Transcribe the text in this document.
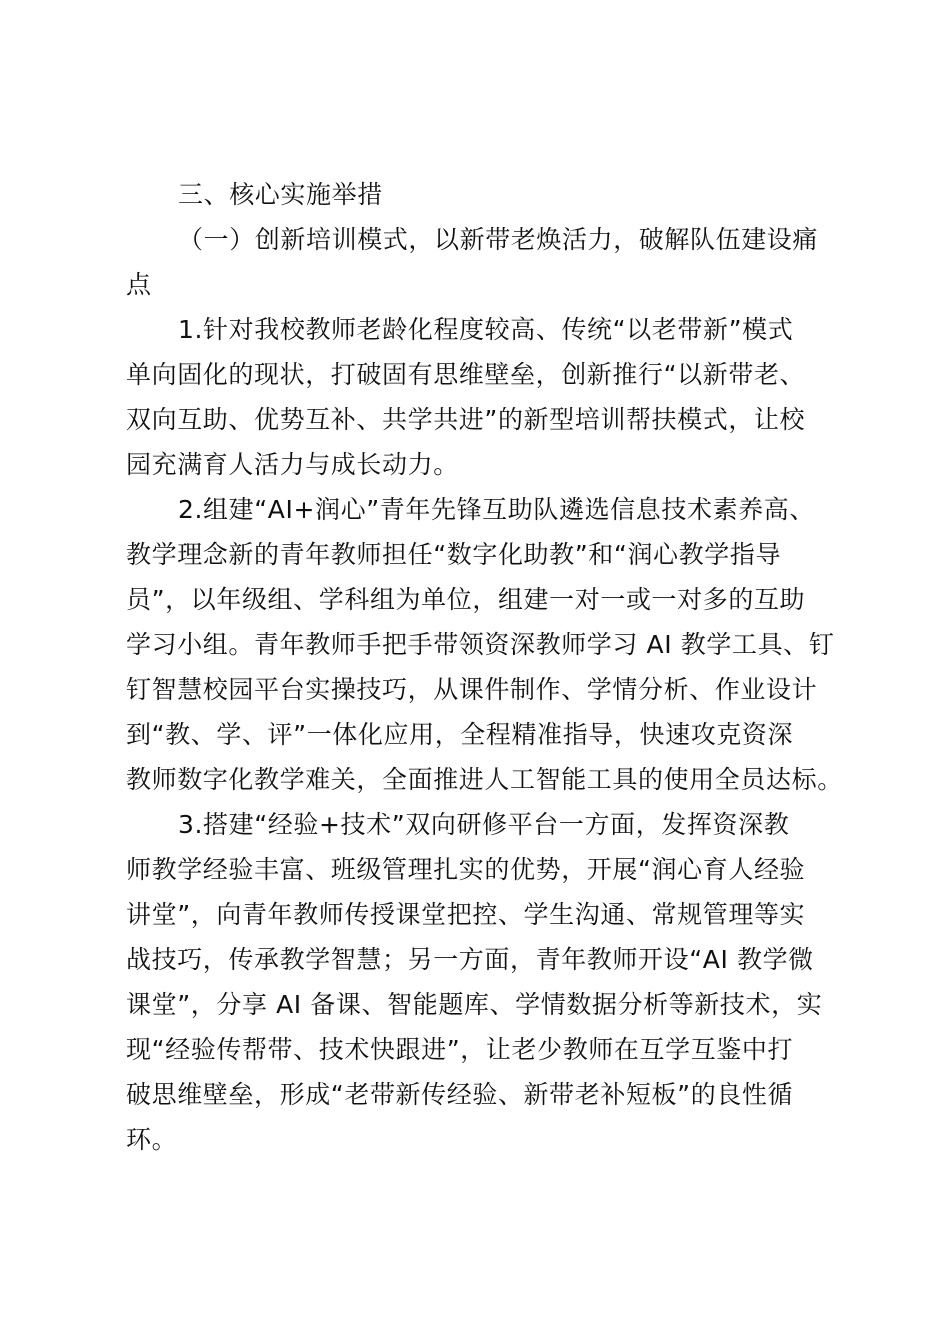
三、核心实施举措
（一）创新培训模式，以新带老焕活力，破解队伍建设痛
点
1.针对我校教师老龄化程度较高、传统“以老带新”模式
单向固化的现状，打破固有思维壁垒，创新推行“以新带老、
双向互助、优势互补、共学共进”的新型培训帮扶模式，让校
园充满育人活力与成长动力。
2.组建“AI+润心”青年先锋互助队遴选信息技术素养高、
教学理念新的青年教师担任“数字化助教”和“润心教学指导
员”，以年级组、学科组为单位，组建一对一或一对多的互助
学习小组。青年教师手把手带领资深教师学习 AI 教学工具、钉
钉智慧校园平台实操技巧，从课件制作、学情分析、作业设计
到“教、学、评”一体化应用，全程精准指导，快速攻克资深
教师数字化教学难关，全面推进人工智能工具的使用全员达标。
3.搭建“经验+技术”双向研修平台一方面，发挥资深教
师教学经验丰富、班级管理扎实的优势，开展“润心育人经验
讲堂”，向青年教师传授课堂把控、学生沟通、常规管理等实
战技巧，传承教学智慧；另一方面，青年教师开设“AI 教学微
课堂”，分享 AI 备课、智能题库、学情数据分析等新技术，实
现“经验传帮带、技术快跟进”，让老少教师在互学互鉴中打
破思维壁垒，形成“老带新传经验、新带老补短板”的良性循
环。
